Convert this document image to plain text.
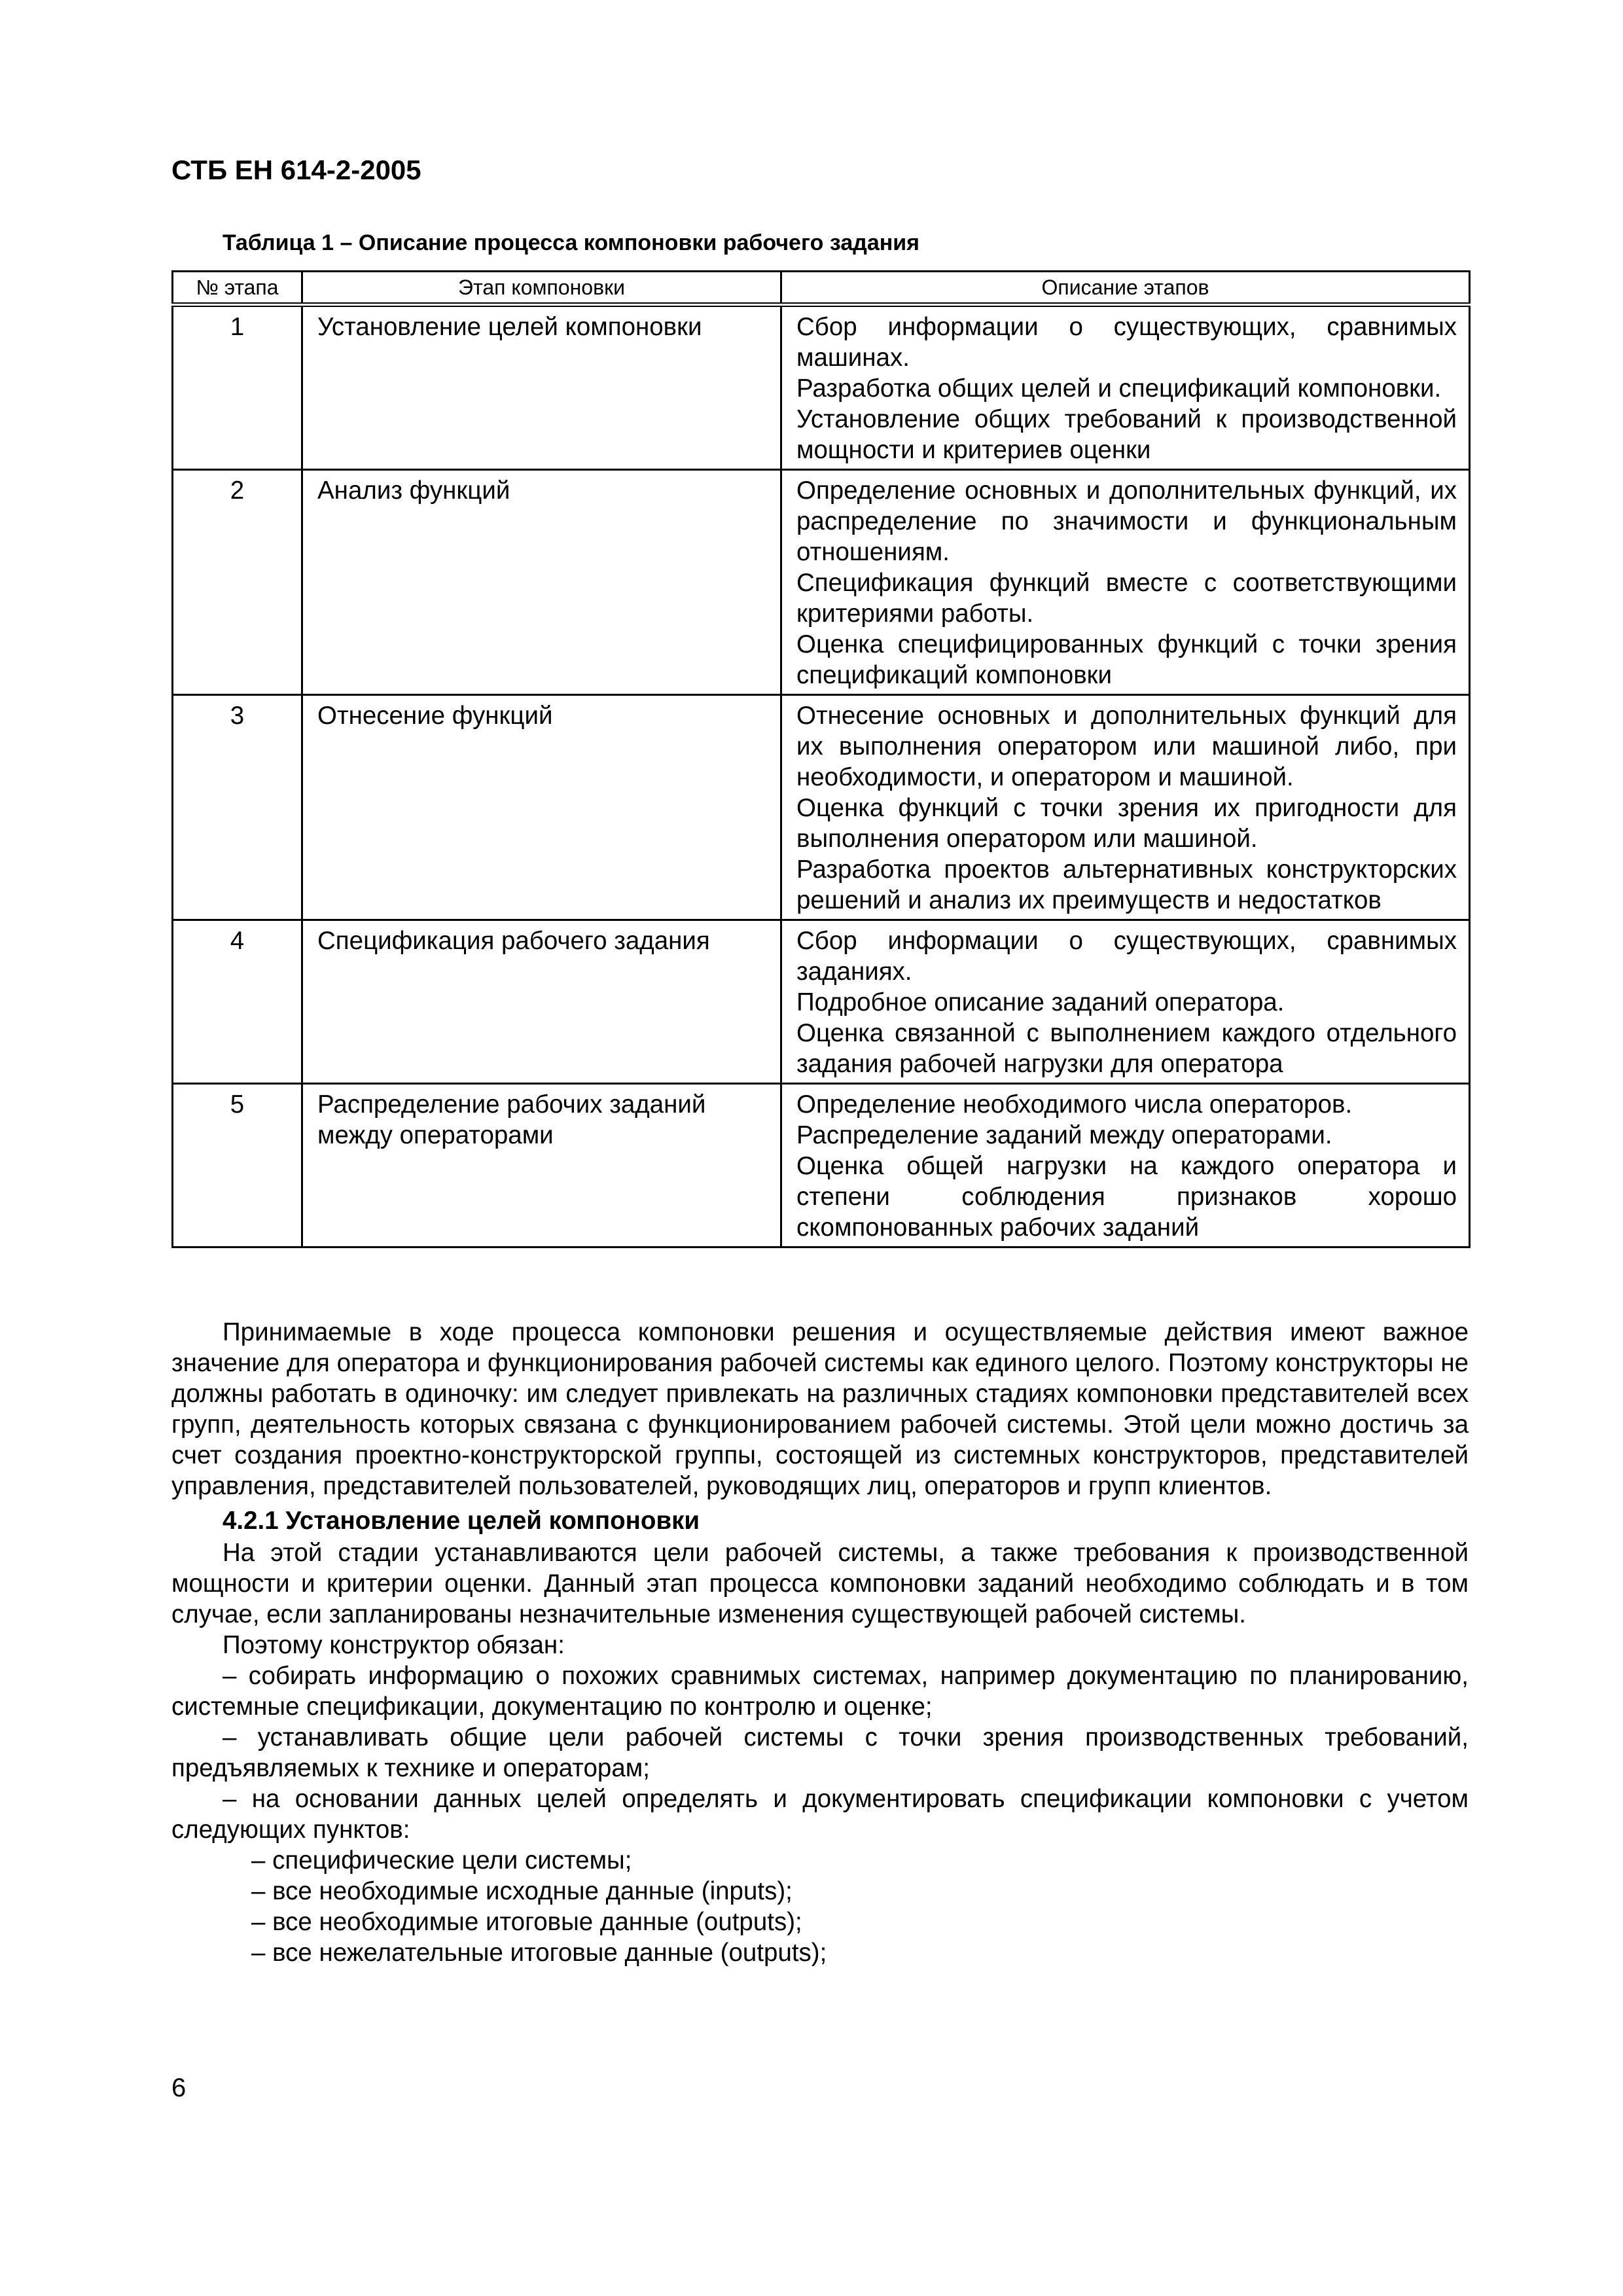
СТБ ЕН 614-2-2005

Таблица 1 – Описание процесса компоновки рабочего задания

№ этапа	Этап компоновки	Описание этапов
1	Установление целей компоновки	Сбор информации о существующих, сравнимых машинах.
Разработка общих целей и спецификаций компоновки.
Установление общих требований к производственной мощности и критериев оценки

2	Анализ функций	Определение основных и дополнительных функций, их распределение по значимости и функциональным отношениям.
Спецификация функций вместе с соответствующими критериями работы.
Оценка специфицированных функций с точки зрения спецификаций компоновки

3	Отнесение функций	Отнесение основных и дополнительных функций для их выполнения оператором или машиной либо, при необходимости, и оператором и машиной.
Оценка функций с точки зрения их пригодности для выполнения оператором или машиной.
Разработка проектов альтернативных конструкторских решений и анализ их преимуществ и недостатков

4	Спецификация рабочего задания	Сбор информации о существующих, сравнимых заданиях.
Подробное описание заданий оператора.
Оценка связанной с выполнением каждого отдельного задания рабочей нагрузки для оператора

5	Распределение рабочих заданий между операторами	Определение необходимого числа операторов.
Распределение заданий между операторами.
Оценка общей нагрузки на каждого оператора и степени соблюдения признаков хорошо скомпонованных рабочих заданий

Принимаемые в ходе процесса компоновки решения и осуществляемые действия имеют важное значение для оператора и функционирования рабочей системы как единого целого. Поэтому конструкторы не должны работать в одиночку: им следует привлекать на различных стадиях компоновки представителей всех групп, деятельность которых связана с функционированием рабочей системы. Этой цели можно достичь за счет создания проектно-конструкторской группы, состоящей из системных конструкторов, представителей управления, представителей пользователей, руководящих лиц, операторов и групп клиентов.

4.2.1 Установление целей компоновки

На этой стадии устанавливаются цели рабочей системы, а также требования к производственной мощности и критерии оценки. Данный этап процесса компоновки заданий необходимо соблюдать и в том случае, если запланированы незначительные изменения существующей рабочей системы.

Поэтому конструктор обязан:

– собирать информацию о похожих сравнимых системах, например документацию по планированию, системные спецификации, документацию по контролю и оценке;

– устанавливать общие цели рабочей системы с точки зрения производственных требований, предъявляемых к технике и операторам;

– на основании данных целей определять и документировать спецификации компоновки с учетом следующих пунктов:

– специфические цели системы;

– все необходимые исходные данные (inputs);

– все необходимые итоговые данные (outputs);

– все нежелательные итоговые данные (outputs);

6
